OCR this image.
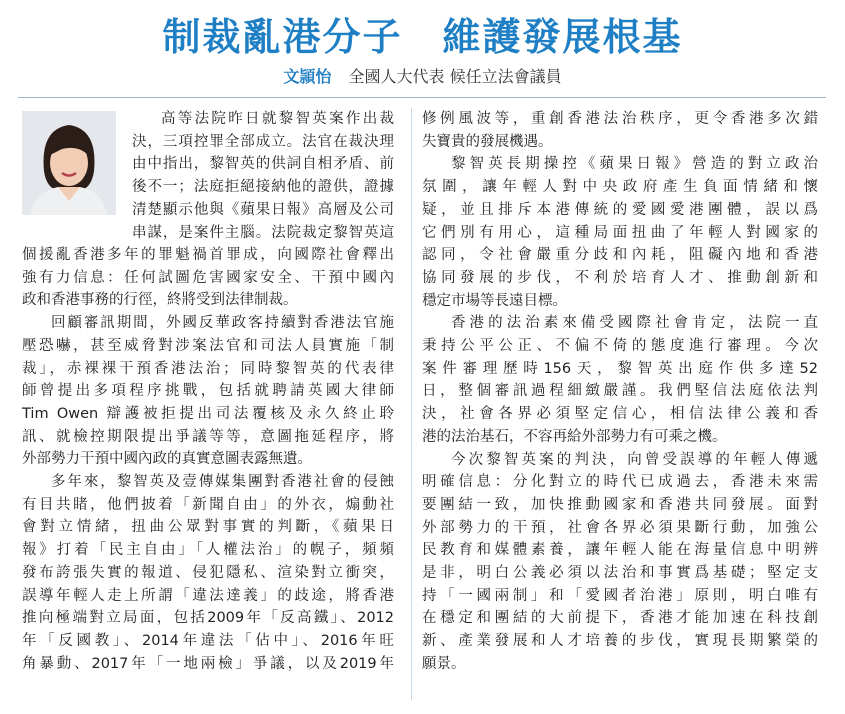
制裁亂港分子　維護發展根基
文頴怡 全國人大代表 候任立法會議員

高等法院昨日就黎智英案作出裁

決，三項控罪全部成立。法官在裁決理

由中指出，黎智英的供詞自相矛盾、前

後不一；法庭拒絕接納他的證供，證據

清楚顯示他與《蘋果日報》高層及公司

串謀，是案件主腦。法院裁定黎智英這

個援亂香港多年的罪魁禍首罪成，向國際社會釋出

強有力信息：任何試圖危害國家安全、干預中國內

政和香港事務的行徑，終將受到法律制裁。

回顧審訊期間，外國反華政客持續對香港法官施

壓恐嚇，甚至威脅對涉案法官和司法人員實施「制

裁」，赤裸裸干預香港法治；同時黎智英的代表律

師曾提出多項程序挑戰，包括就聘請英國大律師

Tim Owen 辯護被拒提出司法覆核及永久終止聆

訊、就檢控期限提出爭議等等，意圖拖延程序，將

外部勢力干預中國內政的真實意圖表露無遺。

多年來，黎智英及壹傳媒集團對香港社會的侵蝕

有目共睹，他們披着「新聞自由」的外衣，煽動社

會對立情緒，扭曲公眾對事實的判斷，《蘋果日

報》打着「民主自由」「人權法治」的幌子，頻頻

發布誇張失實的報道、侵犯隱私、渲染對立衝突，

誤導年輕人走上所謂「違法達義」的歧途，將香港

推向極端對立局面，包括2009年「反高鐵」、2012

年「反國教」、2014年違法「佔中」、2016年旺

角暴動、2017年「一地兩檢」爭議，以及2019年

修例風波等，重創香港法治秩序，更令香港多次錯

失寶貴的發展機遇。

黎智英長期操控《蘋果日報》營造的對立政治

氛圍，讓年輕人對中央政府產生負面情緒和懷

疑，並且排斥本港傳統的愛國愛港團體，誤以爲

它們別有用心，這種局面扭曲了年輕人對國家的

認同，令社會嚴重分歧和內耗，阻礙內地和香港

協同發展的步伐，不利於培育人才、推動創新和

穩定市場等長遠目標。

香港的法治素來備受國際社會肯定，法院一直

秉持公平公正、不偏不倚的態度進行審理。今次

案件審理歷時156天，黎智英出庭作供多達52

日，整個審訊過程細緻嚴謹。我們堅信法庭依法判

決，社會各界必須堅定信心，相信法律公義和香

港的法治基石，不容再給外部勢力有可乘之機。

今次黎智英案的判決，向曾受誤導的年輕人傳遞

明確信息：分化對立的時代已成過去，香港未來需

要團結一致，加快推動國家和香港共同發展。面對

外部勢力的干預，社會各界必須果斷行動，加強公

民教育和媒體素養，讓年輕人能在海量信息中明辨

是非，明白公義必須以法治和事實爲基礎；堅定支

持「一國兩制」和「愛國者治港」原則，明白唯有

在穩定和團結的大前提下，香港才能加速在科技創

新、產業發展和人才培養的步伐，實現長期繁榮的

願景。
